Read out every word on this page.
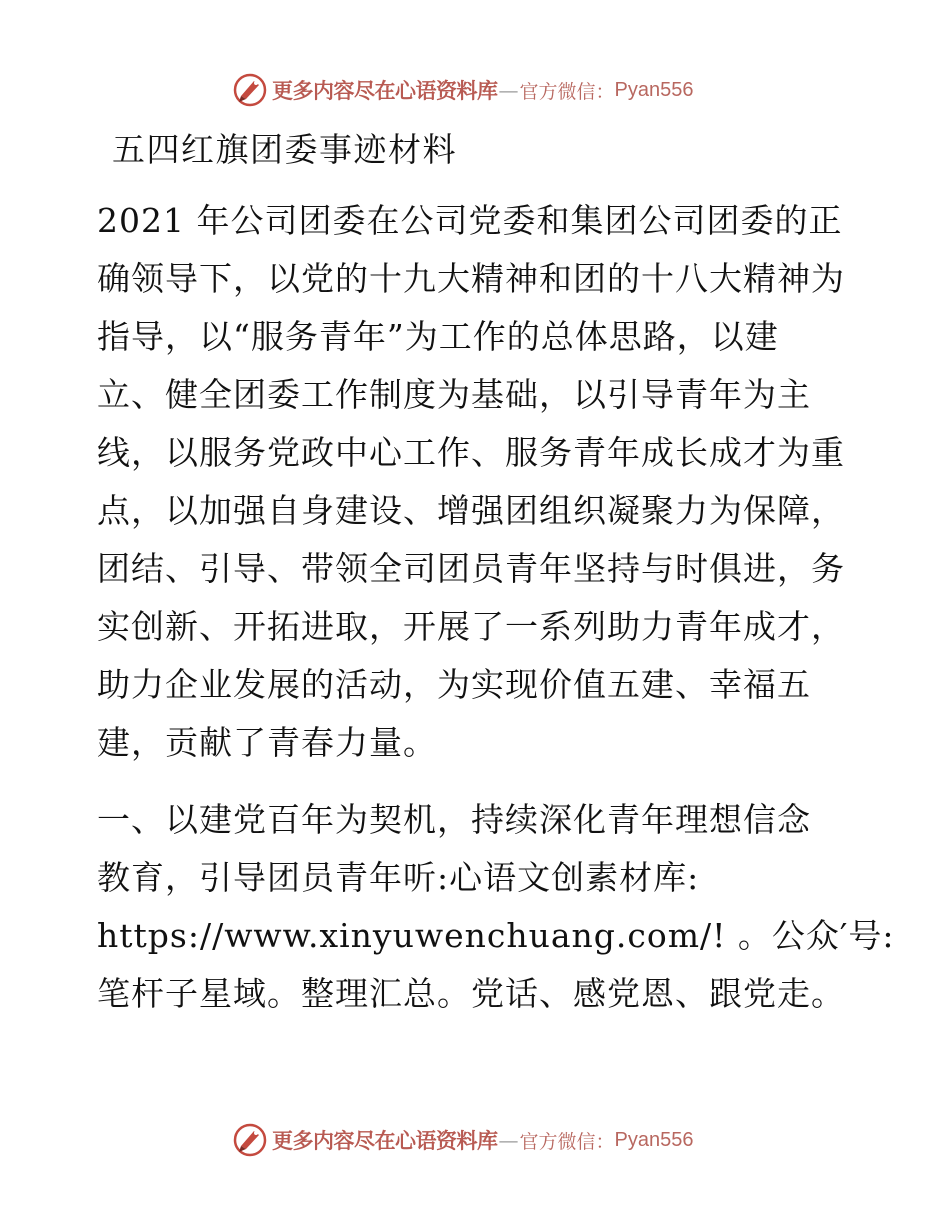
更多内容尽在心语资料库 — 官方微信： Pyan556
五四红旗团委事迹材料
2021 年公司团委在公司党委和集团公司团委的正
确领导下，以党的十九大精神和团的十八大精神为
指导，以“服务青年”为工作的总体思路，以建
立、健全团委工作制度为基础，以引导青年为主
线，以服务党政中心工作、服务青年成长成才为重
点，以加强自身建设、增强团组织凝聚力为保障，
团结、引导、带领全司团员青年坚持与时俱进，务
实创新、开拓进取，开展了一系列助力青年成才，
助力企业发展的活动，为实现价值五建、幸福五
建，贡献了青春力量。
一、以建党百年为契机，持续深化青年理想信念
教育，引导团员青年听:心语文创素材库:
https://www.xinyuwenchuang.com/! 。公众′号:
笔杆子星域。整理汇总。党话、感党恩、跟党走。
更多内容尽在心语资料库 — 官方微信： Pyan556
